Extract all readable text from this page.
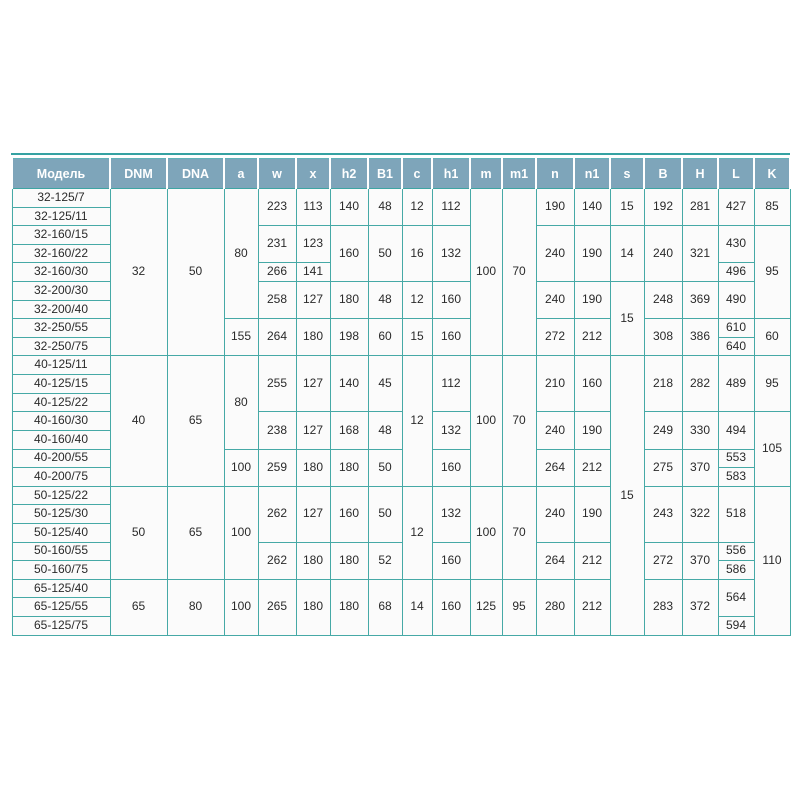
Модель	DNM	DNA	a	w	x	h2	B1	c	h1	m	m1	n	n1	s	B	H	L	K
32-125/7	32	50	80	223	113	140	48	12	112	100	70	190	140	15	192	281	427	85
32-125/11																		
32-160/15				231	123	160	50	16	132			240	190	14	240	321	430	95
32-160/22																		
32-160/30				266	141												496	
32-200/30				258	127	180	48	12	160			240	190	15	248	369	490	
32-200/40																		
32-250/55			155	264	180	198	60	15	160			272	212		308	386	610	60
32-250/75																	640	
40-125/11	40	65	80	255	127	140	45	12	112	100	70	210	160	15	218	282	489	95
40-125/15																		
40-125/22																		
40-160/30				238	127	168	48		132			240	190		249	330	494	105
40-160/40																		
40-200/55			100	259	180	180	50		160			264	212		275	370	553	
40-200/75																	583	
50-125/22	50	65	100	262	127	160	50	12	132	100	70	240	190		243	322	518	110
50-125/30																		
50-125/40																		
50-160/55				262	180	180	52		160			264	212		272	370	556	
50-160/75																	586	
65-125/40	65	80	100	265	180	180	68	14	160	125	95	280	212		283	372	564	
65-125/55																		
65-125/75																	594	
